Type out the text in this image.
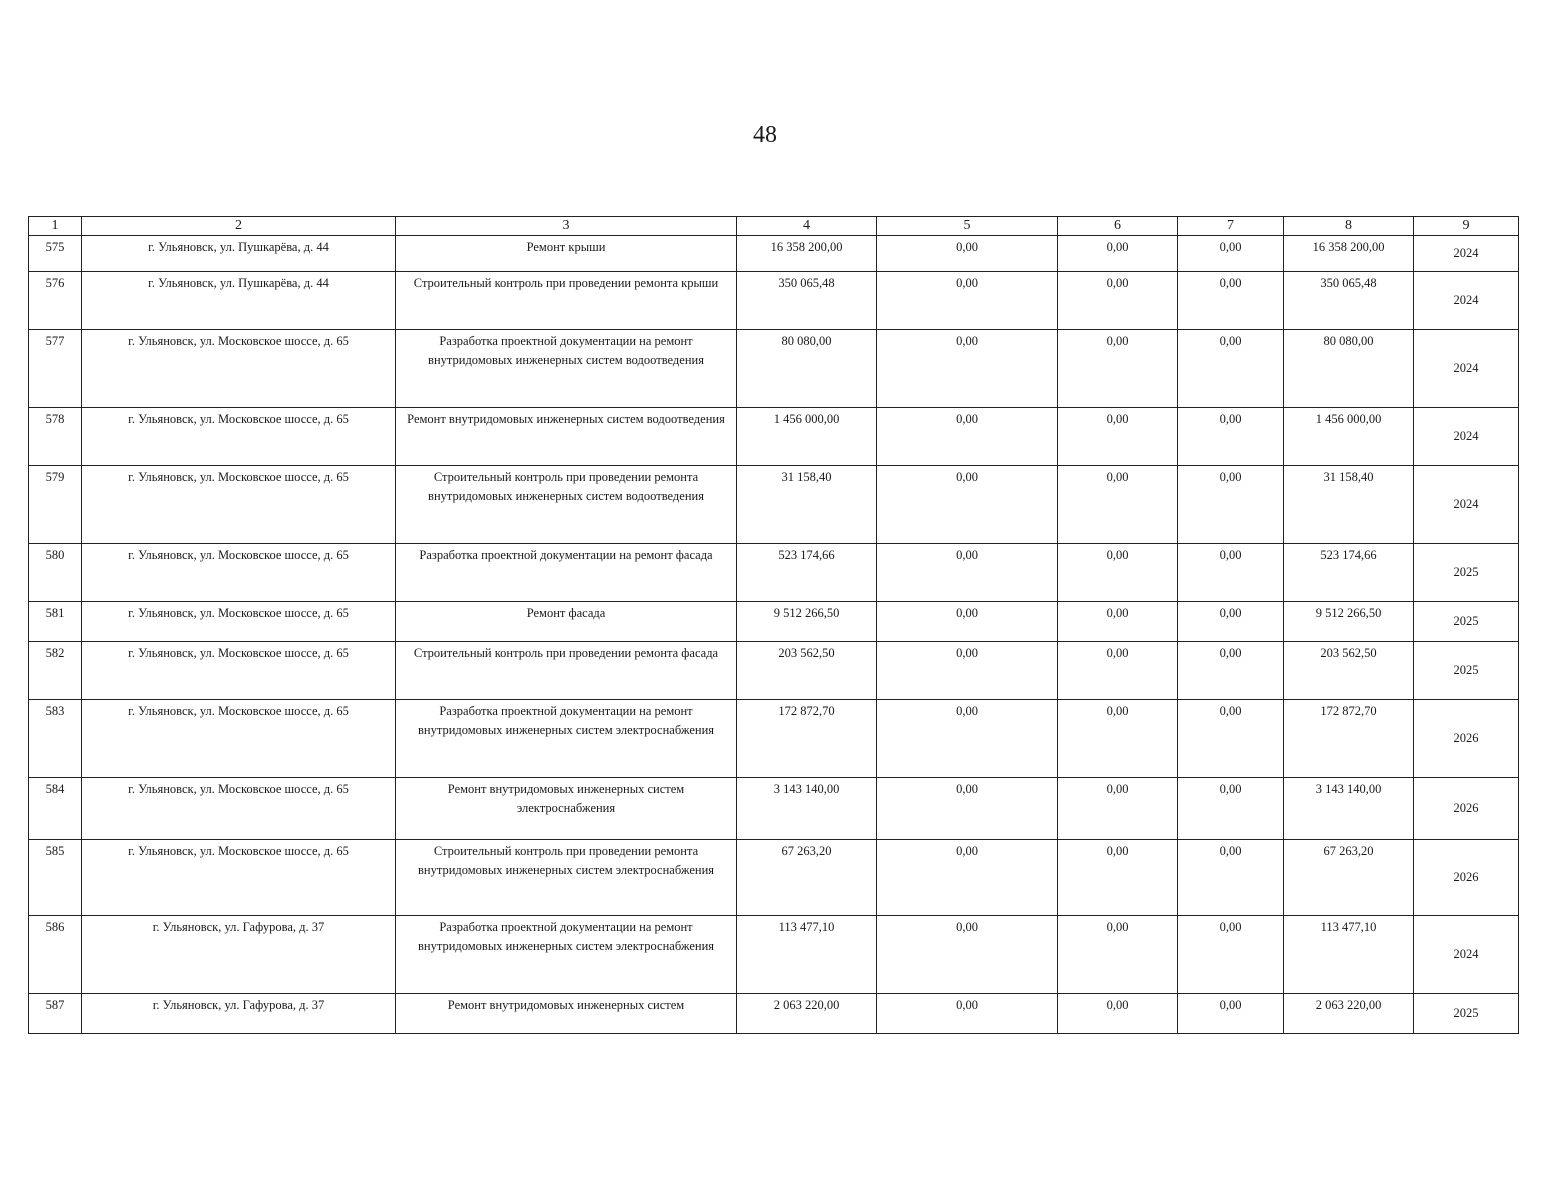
48
1	2	3	4	5	6	7	8	9
575	г. Ульяновск, ул. Пушкарёва, д. 44	Ремонт крыши	16 358 200,00	0,00	0,00	0,00	16 358 200,00	2024
576	г. Ульяновск, ул. Пушкарёва, д. 44	Строительный контроль при проведении ремонта крыши	350 065,48	0,00	0,00	0,00	350 065,48	2024
577	г. Ульяновск, ул. Московское шоссе, д. 65	Разработка проектной документации на ремонт внутридомовых инженерных систем водоотведения	80 080,00	0,00	0,00	0,00	80 080,00	2024
578	г. Ульяновск, ул. Московское шоссе, д. 65	Ремонт внутридомовых инженерных систем водоотведения	1 456 000,00	0,00	0,00	0,00	1 456 000,00	2024
579	г. Ульяновск, ул. Московское шоссе, д. 65	Строительный контроль при проведении ремонта внутридомовых инженерных систем водоотведения	31 158,40	0,00	0,00	0,00	31 158,40	2024
580	г. Ульяновск, ул. Московское шоссе, д. 65	Разработка проектной документации на ремонт фасада	523 174,66	0,00	0,00	0,00	523 174,66	2025
581	г. Ульяновск, ул. Московское шоссе, д. 65	Ремонт фасада	9 512 266,50	0,00	0,00	0,00	9 512 266,50	2025
582	г. Ульяновск, ул. Московское шоссе, д. 65	Строительный контроль при проведении ремонта фасада	203 562,50	0,00	0,00	0,00	203 562,50	2025
583	г. Ульяновск, ул. Московское шоссе, д. 65	Разработка проектной документации на ремонт внутридомовых инженерных систем электроснабжения	172 872,70	0,00	0,00	0,00	172 872,70	2026
584	г. Ульяновск, ул. Московское шоссе, д. 65	Ремонт внутридомовых инженерных систем электроснабжения	3 143 140,00	0,00	0,00	0,00	3 143 140,00	2026
585	г. Ульяновск, ул. Московское шоссе, д. 65	Строительный контроль при проведении ремонта внутридомовых инженерных систем электроснабжения	67 263,20	0,00	0,00	0,00	67 263,20	2026
586	г. Ульяновск, ул. Гафурова, д. 37	Разработка проектной документации на ремонт внутридомовых инженерных систем электроснабжения	113 477,10	0,00	0,00	0,00	113 477,10	2024
587	г. Ульяновск, ул. Гафурова, д. 37	Ремонт внутридомовых инженерных систем	2 063 220,00	0,00	0,00	0,00	2 063 220,00	2025
